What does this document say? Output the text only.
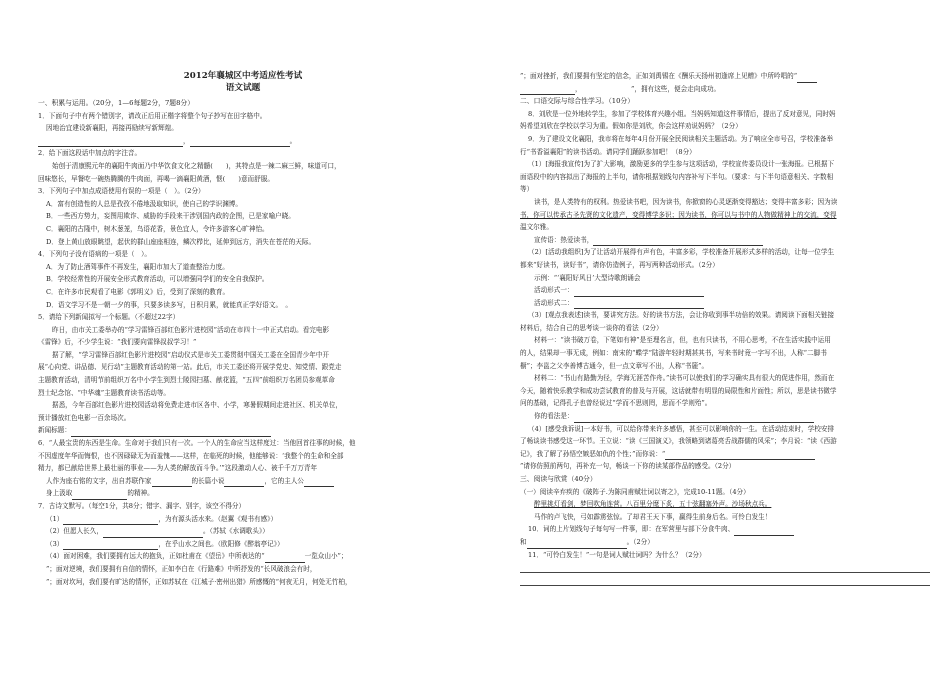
2012年襄城区中考适应性考试
语文试题
一、积累与运用。（20分，1—6每题2分，7题8分）
1．下面句子中有两个错别字，请改正后用正楷字将整个句子抄写在田字格中。
因地治宜建设新襄阳，再接再励续写新辉煌。
，	。
2．给下面这段话中加点的字注音。
始创于清康熙元年的襄阳牛肉面乃中华饮食文化之精髓(　　)，其特点是一辣二麻三鲜，味道可口，
回味悠长，早餐吃一碗热腾腾的牛肉面，再喝一滴襄阳黄酒，惬(　　)意而舒服。
3．下列句子中加点成语使用有误的一项是（　）。（2分）
A．富有创造性的人总是孜孜不倦地汲取知识，使自己的学识渊博。
B．一些西方势力，妄图用欺诈、威胁的手段来干涉别国内政的企图，已是家喻户晓。
C．襄阳的古隆中，树木葱茏，鸟语花香，景色宜人，令许多游客心旷神怡。
D．登上黄山放眼眺望，起伏的群山座座相连，鳞次栉比，延伸到远方，消失在苍茫的天际。
4．下列句子没有语病的一项是（　）。
A．为了防止酒驾事件不再发生，襄阳市加大了道查整治力度。
B．学校经常性的开展安全形式教育活动，可以增强同学们的安全自我保护。
C．在许多市民观看了电影《郭明义》后，受到了深刻的教育。
D．语文学习不是一朝一夕的事，只要多读多写，日积月累，就能真正学好语文。　。
5．请给下列新闻拟写一个标题。（不超过22字）
昨日，由市关工委举办的“学习雷锋百部红色影片进校园”活动在市四十一中正式启动。看完电影
《雷锋》后，不少学生说：“我们要向雷锋叔叔学习！”
据了解，“学习雷锋百部红色影片进校园”启动仪式是市关工委贯彻中国关工委在全国青少年中开
展“心向党、讲品德、见行动”主题教育活动的第一站。此后，市关工委还将开展学党史、知党情、跟党走
主题教育活动，清明节前组织万名中小学生到烈士陵园扫墓、献花篮，“五四”前组织万名团员参观革命
烈士纪念馆、“中华魂”主题教育读书活动等。
据悉，今年百部红色影片进校园活动将免费走进市区各中、小学，寒暑假期间走进社区、机关单位，
预计播放红色电影一百余场次。
新闻标题：
6．“人最宝贵的东西是生命。生命对于我们只有一次。一个人的生命应当这样度过：当他回首往事的时候，他
不因虚度年华而悔恨，也不因碌碌无为而羞愧——这样，在临死的时候，他能够说：‘我整个的生命和全部
精力，都已献给世界上最壮丽的事业——为人类的解放而斗争。’”这段激动人心、被千千万万青年
人作为座右铭的文字，出自苏联作家	的长篇小说	，它的主人公
身上汲取	的精神。
7．古诗文默写。（每空1分，共8分；错字、漏字、别字，该空不得分）
（1）	，为有源头活水来。（赵翼《观书有感》）
（2）但愿人长久，	。（苏轼《水调歌头》）
（3）	，在乎山水之间也。（欧阳修《醉翁亭记》）
（4）面对困难，我们要拥有远大的抱负，正如杜甫在《望岳》中所表达的“	一览众山小”；
”；面对逆境，我们要拥有自信的情怀，正如李白在《行路难》中所抒发的“长风破浪会有时，
”；面对坎坷，我们要有旷达的情怀，正如苏轼在《江城子·密州出猎》所感慨的“何夜无月，何处无竹柏，
”；面对挫折，我们要拥有坚定的信念，正如刘禹锡在《酬乐天扬州初逢席上见赠》中所吟唱的“
，　　　　　　　　”，拥有这些，便会走向成功。
二、口语交际与综合性学习。（10分）
8．刘欣是一位外地转学生，参加了学校体育兴趣小组。当妈妈知道这件事情后，提出了反对意见，同时妈
妈希望刘欣在学校以学习为重。假如你是刘欣，你会这样劝说妈妈？（2分）
9．为了建设文化襄阳，我市将在每年4月份开展全民阅读相关主题活动。为了响应全市号召，学校准备举
行“书香溢襄阳”的读书活动。请同学们踊跃参加吧！（8分）
（1）[海报我宣传]为了扩大影响，激励更多的学生参与这项活动，学校宣传委员设计一张海报。已根据下
面语段中的内容拟出了海报的上半句，请你根据划线句内容补写下半句。（要求：与下半句语意相关、字数相
等）
读书，是人类特有的权利。热爱读书吧，因为读书，你掀窗的心灵逐渐变得豁达；变得丰富多彩；因为读
书，你可以传承古圣先贤的文化遗产，变得博学多识；因为读书，你可以与书中的人物做精神上的交流，变得
温文尔雅。
宣传语：热爱读书，
（2）[活动我组织]为了让活动开展得有声有色，丰富多彩，学校准备开展形式多样的活动，让每一位学生
都来“好读书，读好书”，请你仿造例子，再写两种活动形式。（2分）
示例：“‘襄阳好风日’大型诗歌朗诵会
活动形式一：
活动形式二：
（3）[观点我表述]读书，要讲究方法。好的读书方法，会让你收到事半功倍的效果。请阅读下面相关链接
材料后，结合自己的思考谈一谈你的看法（2分）
材料一：“读书破万卷，下笔如有神”是至理名言，但，也有只读书，不用心思考，不在生活实践中运用
的人，结果却一事无成，例如：南宋的“蝶学”陆游年轻时期甚其书，写来书时竟一字写不出，人称“二脚书
橱”；李邕之父李善博古通今，但一点文章写不出，人称“书簏”。
材料二：“书山有路勤为径，学海无涯苦作舟。”读书可以使我们的学习确实具有很大的促进作用，然而在
今天，随着快乐教学和成功尝试教育的普及与开展，这话就带有明显的局限性和片面性；所以，思是读书微学
问的基础，记得孔子也曾经说过“学而不思则罔，思而不学则殆”。
你的看法是：
（4）[感受我诉说]一本好书，可以给你带来许多感悟，甚至可以影响你的一生。在活动结束时，学校安排
了畅谈读书感受这一环节。王立说：“读《三国演义》，我领略到诸葛亮舌战群儒的风采”；李月说：“读《西游
记》，我了解了孙悟空嫉恶如仇的个性；”而你说：“
”请你仿照前两句，再补充一句，畅谈一下你的读某部作品的感受。（2分）
三、阅读与欣赏（40分）
（一）阅读辛弃疾的《破阵子.为陈同甫赋壮词以寄之》，完成10-11题。（4分）
醉里挑灯看剑，梦回吹角连营。八百里分麾下炙，五十弦翻塞外声。沙场秋点兵。
马作的卢飞快，弓如霹雳弦惊。了却君王天下事，赢得生前身后名。可怜白发生！
10．词的上片划线句子每句写一件事，即：在军营里与部下分食牛肉、
和	。（2分）
11．“可怜白发生！”一句是词人赋壮词吗？为什么？（2分）
